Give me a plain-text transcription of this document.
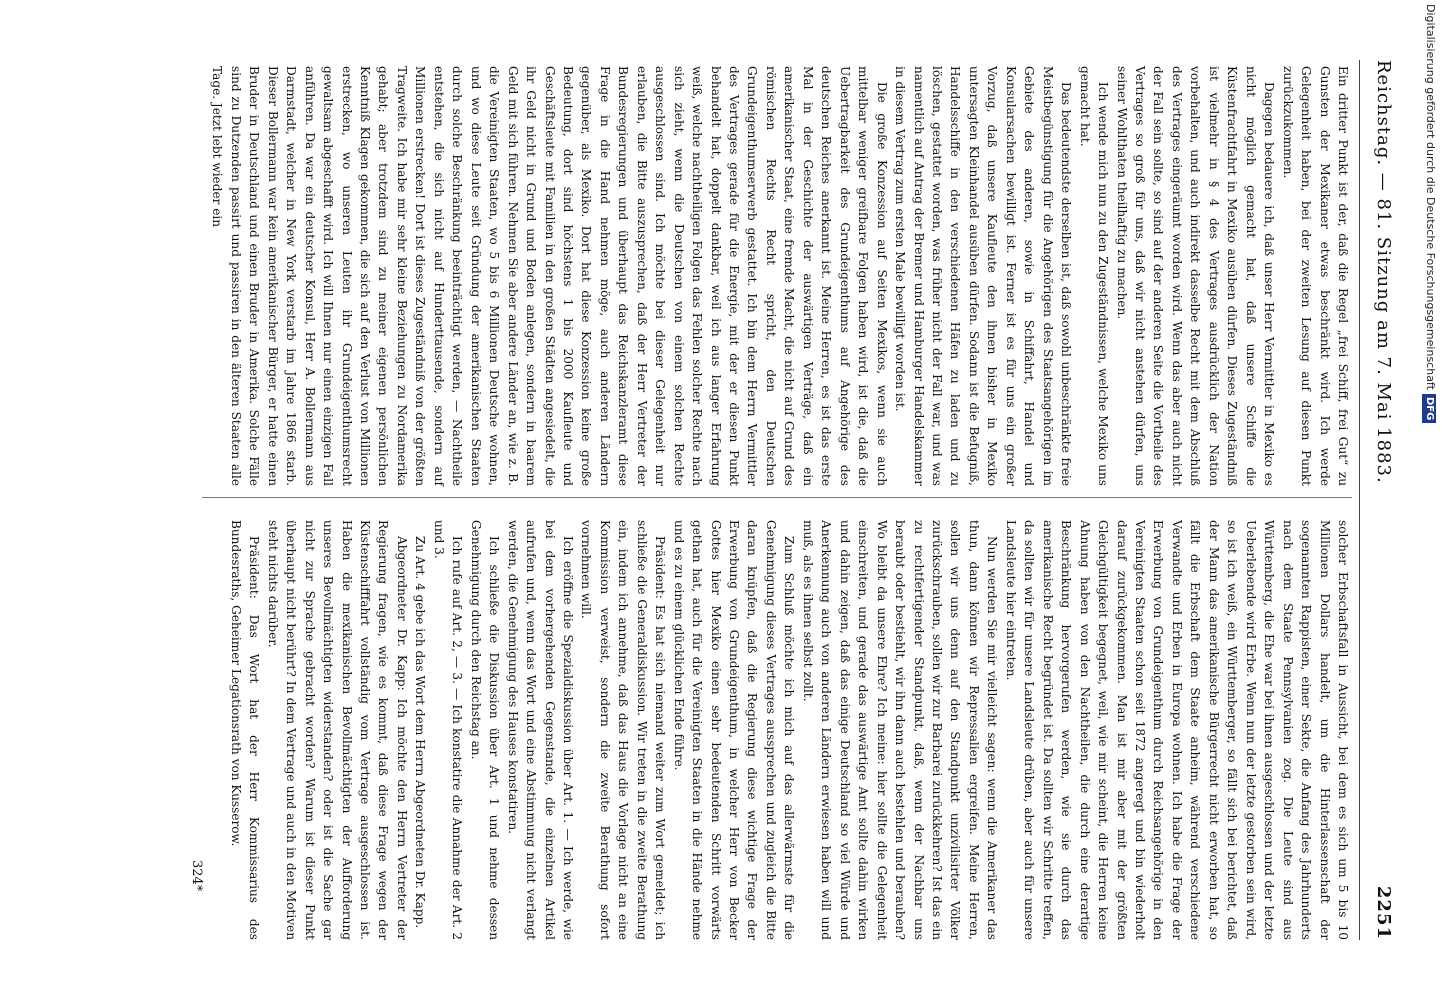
Reichstag. — 81. Sitzung am 7. Mai 1883.
2251

Ein dritter Punkt ist der, daß die Regel „frei Schiff, frei Gut“ zu Gunsten der Mexikaner etwas beschränkt wird. Ich werde Gelegenheit haben, bei der zweiten Lesung auf diesen Punkt zurückzukommen.

Dagegen bedauere ich, daß unser Herr Vermittler in Mexiko es nicht möglich gemacht hat, daß unsere Schiffe die Küstenfrachtfahrt in Mexiko ausüben dürfen. Dieses Zugeständniß ist vielmehr in § 4 des Vertrages ausdrücklich der Nation vorbehalten, und auch indirekt dasselbe Recht mit dem Abschluß des Vertrages eingeräumt worden wird. Wenn das aber auch nicht der Fall sein sollte, so sind auf der anderen Seite die Vortheile des Vertrages so groß für uns, daß wir nicht anstehen dürfen, uns seiner Wohlthaten theilhaftig zu machen.

Ich wende mich nun zu den Zugeständnissen, welche Mexiko uns gemacht hat.

Das bedeutendste derselben ist, daß sowohl unbeschränkte freie Meistbegünstigung für die Angehörigen des Staatsangehörigen im Gebiete des anderen, sowie in Schiffahrt, Handel und Konsularsachen bewilligt ist. Ferner ist es für uns ein großer Vorzug, daß unsere Kaufleute den ihnen bisher in Mexiko untersagten Kleinhandel ausüben dürfen. Sodann ist die Befugniß, Handelsschiffe in den verschiedenen Häfen zu laden und zu löschen, gestattet worden, was früher nicht der Fall war, und was namentlich auf Antrag der Bremer und Hamburger Handelskammer in diesem Vertrag zum ersten Male bewilligt worden ist.

Die große Konzession auf Seiten Mexikos, wenn sie auch mittelbar weniger greifbare Folgen haben wird, ist die, daß die Uebertragbarkeit des Grundeigenthums auf Angehörige des deutschen Reiches anerkannt ist. Meine Herren, es ist das erste Mal in der Geschichte der auswärtigen Verträge, daß ein amerikanischer Staat, eine fremde Macht, die nicht auf Grund des römischen Rechts Recht spricht, den Deutschen Grundeigenthumserwerb gestattet. Ich bin dem Herrn Vermittler des Vertrages gerade für die Energie, mit der er diesen Punkt behandelt hat, doppelt dankbar, weil ich aus langer Erfahrung weiß, welche nachtheiligen Folgen das Fehlen solcher Rechte nach sich zieht, wenn die Deutschen von einem solchen Rechte ausgeschlossen sind. Ich möchte bei dieser Gelegenheit nur erlauben, die Bitte auszusprechen, daß der Herr Vertreter der Bundesregierungen und überhaupt das Reichskanzleramt diese Frage in die Hand nehmen möge, auch anderen Ländern gegenüber, als Mexiko. Dort hat diese Konzession keine große Bedeutung, dort sind höchstens 1 bis 2000 Kaufleute und Geschäftsleute mit Familien in den großen Städten angesiedelt, die ihr Geld nicht in Grund und Boden anlegen, sondern in baarem Geld mit sich führen. Nehmen Sie aber andere Länder an, wie z. B. die Vereinigten Staaten, wo 5 bis 6 Millionen Deutsche wohnen, und wo diese Leute seit Gründung der amerikanischen Staaten durch solche Beschränkung beeinträchtigt werden, — Nachtheile entstehen, die sich nicht auf Hunderttausende, sondern auf Millionen erstrecken! Dort ist dieses Zugeständniß von der größten Tragweite. Ich habe mir sehr kleine Beziehungen zu Nordamerika gehabt; aber trotzdem sind zu meiner eigenen persönlichen Kenntniß Klagen gekommen, die sich auf den Verlust von Millionen erstrecken, wo unseren Leuten ihr Grundeigenthumsrecht gewaltsam abgeschafft wird. Ich will Ihnen nur einen einzigen Fall anführen. Da war ein deutscher Konsul, Herr A. Bollermann aus Darmstadt, welcher in New York verstarb im Jahre 1866 starb. Dieser Bollermann war kein amerikanischer Bürger, er hatte einen Bruder in Deutschland und einen Bruder in Amerika. Solche Fälle sind zu Dutzenden passirt und passiren in den älteren Staaten alle Tage. Jetzt lebt wieder ein

solcher Erbschaftsfall in Aussicht, bei dem es sich um 5 bis 10 Millionen Dollars handelt, um die Hinterlassenschaft der sogenannten Rappisten, einer Sekte, die Anfang des Jahrhunderts nach dem Staate Pennsylvanien zog. Die Leute sind aus Württemberg, die Ehe war bei ihnen ausgeschlossen und der letzte Ueberlebende wird Erbe. Wenn nun der letzte gestorben sein wird, so ist ich weiß, ein Württemberger, so fällt sich bei berichtet, daß der Mann das amerikanische Bürgerrecht nicht erworben hat, so fällt die Erbschaft dem Staate anheim, während verschiedene Verwandte und Erben in Europa wohnen. Ich habe die Frage der Erwerbung von Grundeigenthum durch Reichsangehörige in den Vereinigten Staaten schon seit 1872 angeregt und bin wiederholt darauf zurückgekommen. Man ist mir aber mit der größten Gleichgültigkeit begegnet, weil, wie mir scheint, die Herren keine Ahnung haben von den Nachtheilen, die durch eine derartige Beschränkung hervorgerufen werden, wie sie durch das amerikanische Recht begründet ist. Da sollten wir Schritte treffen, da sollten wir für unsere Landsleute drüben, aber auch für unsere Landsleute hier eintreten.

Nun werden Sie mir vielleicht sagen: wenn die Amerikaner das thun, dann können wir Repressalien ergreifen. Meine Herren, sollen wir uns denn auf den Standpunkt unzivilisirter Völker zurückschrauben, sollen wir zur Barbarei zurückkehren? Ist das ein zu rechtfertigender Standpunkt, daß, wenn der Nachbar uns beraubt oder bestiehlt, wir ihn dann auch bestehlen und berauben? Wo bleibt da unsere Ehre? Ich meine: hier sollte die Gelegenheit einschreiten, und gerade das auswärtige Amt sollte dahin wirken und dahin zeigen, daß das einige Deutschland so viel Würde und Anerkennung auch von anderen Ländern erwiesen haben will und muß, als es ihnen selbst zollt.

Zum Schluß möchte ich mich auf das allerwärmste für die Genehmigung dieses Vertrages aussprechen und zugleich die Bitte daran knüpfen, daß die Regierung diese wichtige Frage der Erwerbung von Grundeigenthum, in welcher Herr von Becker Gottes hier Mexiko einen sehr bedeutenden Schritt vorwärts gethan hat, auch für die Vereinigten Staaten in die Hände nehme und es zu einem glücklichen Ende führe.

Präsident: Es hat sich niemand weiter zum Wort gemeldet; ich schließe die Generaldiskussion. Wir treten in die zweite Berathung ein, indem ich annehme, daß das Haus die Vorlage nicht an eine Kommission verweist, sondern die zweite Berathung sofort vornehmen will.

Ich eröffne die Spezialdiskussion über Art. 1. — Ich werde, wie bei dem vorhergehenden Gegenstande, die einzelnen Artikel aufrufen und, wenn das Wort und eine Abstimmung nicht verlangt werden, die Genehmigung des Hauses konstatiren.

Ich schließe die Diskussion über Art. 1 und nehme dessen Genehmigung durch den Reichstag an.

Ich rufe auf Art. 2, — 3. — Ich konstatire die Annahme der Art. 2 und 3.

Zu Art. 4 gebe ich das Wort dem Herrn Abgeordneten Dr. Kapp.

Abgeordneter Dr. Kapp: Ich möchte den Herrn Vertreter der Regierung fragen, wie es kommt, daß diese Frage wegen der Küstenschifffahrt vollständig vom Vertrage ausgeschlossen ist. Haben die mexikanischen Bevollmächtigten der Aufforderung unseres Bevollmächtigten widerstanden? oder ist die Sache gar nicht zur Sprache gebracht worden? Warum ist dieser Punkt überhaupt nicht berührt? In dem Vertrage und auch in den Motiven steht nichts darüber.

Präsident: Das Wort hat der Herr Kommissarius des Bundesraths, Geheimer Legationsrath von Kusserow.

324*
Digitalisierung gefördert durch die Deutsche ForschungsgemeinschaftDFG
